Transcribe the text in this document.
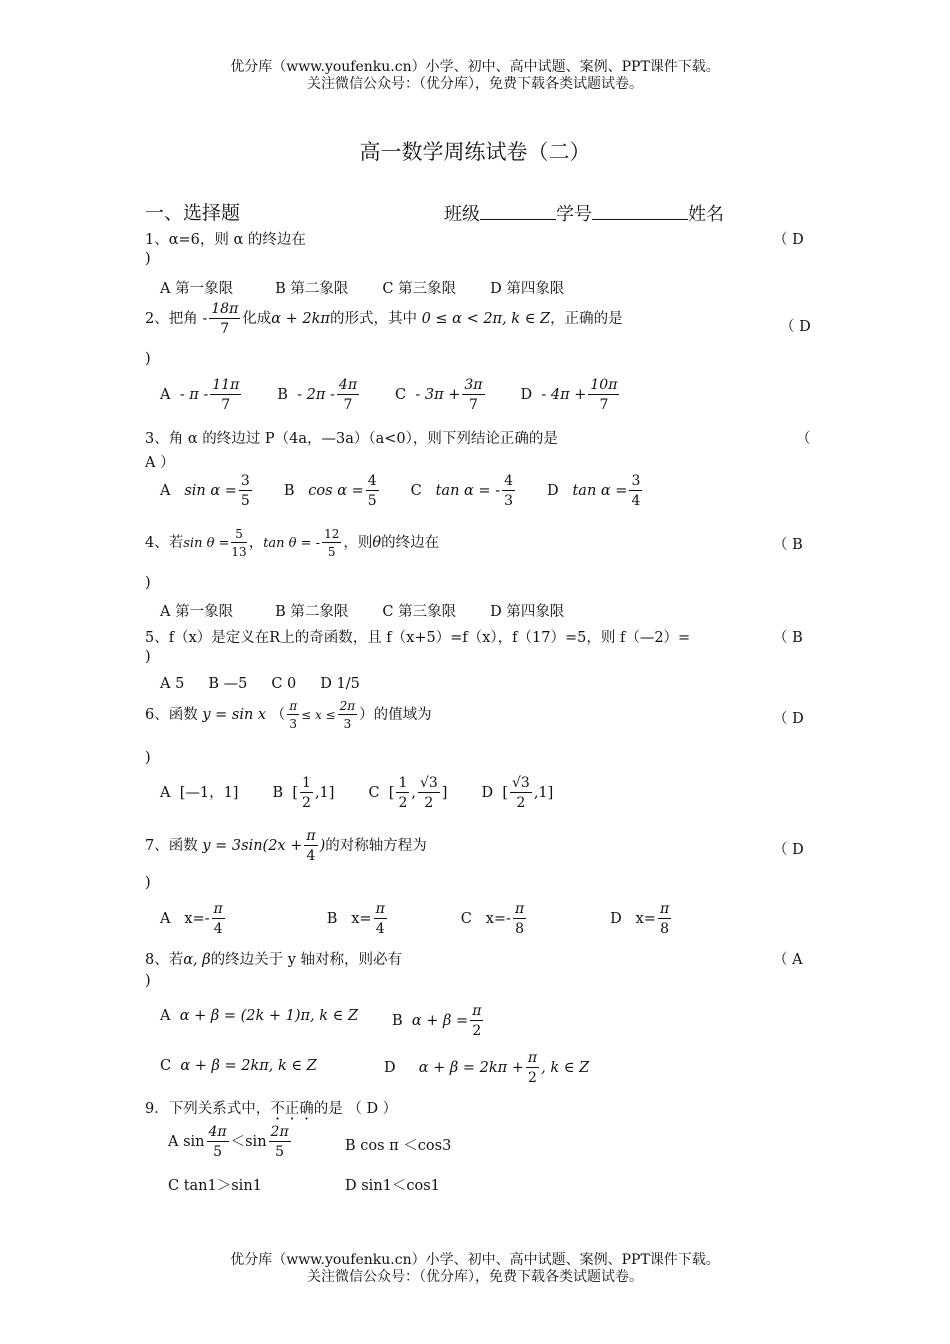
优分库（www.youfenku.cn）小学、初中、高中试题、案例、PPT课件下载。
关注微信公众号：（优分库），免费下载各类试题试卷。
高一数学周练试卷（二）
一、选择题	班级	学号	姓名
1、α=6，则 α 的终边在	（ D
)
A 第一象限	B 第二象限 C 第三象限 D 第四象限
2、把角 - $\frac{18\pi}{7}$ 化成α + 2kπ的形式，其中 0 ≤ α < 2π, k ∈ Z，正确的是	（ D
)
A - π - $\frac{11\pi}{7}$ B - $2\pi - \frac{4\pi}{7}$ $C - 3\pi + \frac{3\pi}{7}$ $D - 4\pi + \frac{10\pi}{7}$
3、角 α 的终边过 P（4a，—3a）（a<0），则下列结论正确的是	（
A ）
A $\sin \alpha = \frac{3}{5}$ B $\cos \alpha = \frac{4}{5}$ C tan α = - $\frac{4}{3}$ D $\tan \alpha = \frac{3}{4}$
4、若$\sin \theta = \frac{5}{13}$ ，tan θ = - $\frac{12}{5}$ ，则θ的终边在	（ B
)
A 第一象限	B 第二象限 C 第三象限 D 第四象限
5、f（x）是定义在R上的奇函数，且 f（x+5）=f（x），f（17）=5，则 f（—2）=	（ B
)
A 5 B —5 C 0 D 1/5
6、函数 y = sin x （ $\frac{\pi}{3} \le x \le \frac{2\pi}{3}$ ）的值域为	（ D
)
A [—1，1] B  [ $\frac{1}{2} ,1$] C  [ $\frac{1}{2}$ , $\frac{√3}{2}$ ] D  [ $\frac{√3}{2} ,1$]
7、函数 $y = 3\sin(2x + \frac{\pi}{4}$ )的对称轴方程为	（ D
)
A $x=- \frac{\pi}{4}$	B $x= \frac{\pi}{4}$	C $x=- \frac{\pi}{8}$	D $x= \frac{\pi}{8}$
8、若α, β的终边关于 y 轴对称，则必有	（ A
)
A α + β = (2k + 1)π, k ∈ Z B $\alpha + \beta = \frac{\pi}{2}$
C α + β = 2kπ, k ∈ Z	D $\alpha + \beta = 2k\pi + \frac{\pi}{2}$ , k ∈ Z
9．下列关系式中，不正确的是 （ D ）
A $\sin \frac{4\pi}{5} <\sin \frac{2\pi}{5}$	B cos π ＜cos3
C tan1＞sin1	D sin1＜cos1
优分库（www.youfenku.cn）小学、初中、高中试题、案例、PPT课件下载。
关注微信公众号：（优分库），免费下载各类试题试卷。
